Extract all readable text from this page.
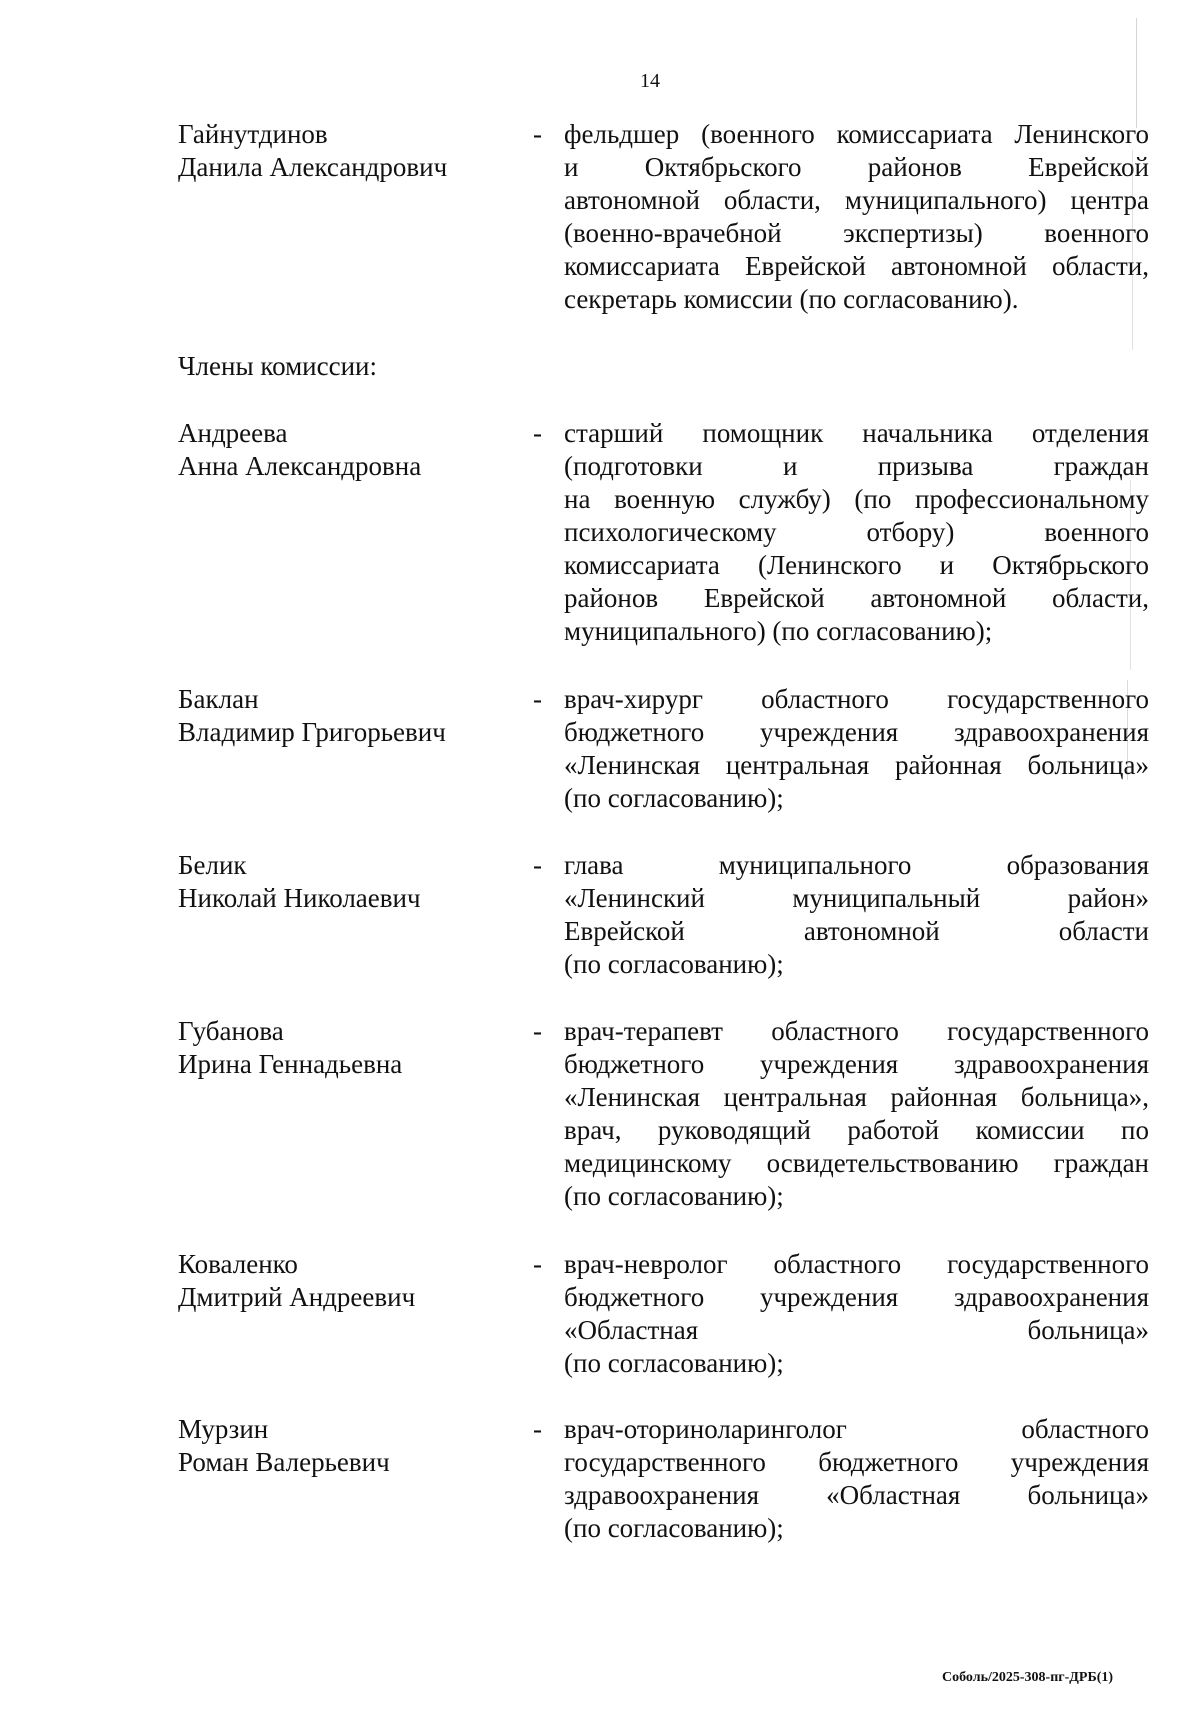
14
Гайнутдинов
Данила Александрович
- фельдшер (военного комиссариата Ленинского
и Октябрьского районов Еврейской
автономной области, муниципального) центра
(военно-врачебной экспертизы) военного
комиссариата Еврейской автономной области,
секретарь комиссии (по согласованию).
Члены комиссии:
Андреева
Анна Александровна
- старший помощник начальника отделения
(подготовки и призыва граждан
на военную службу) (по профессиональному
психологическому отбору) военного
комиссариата (Ленинского и Октябрьского
районов Еврейской автономной области,
муниципального) (по согласованию);
Баклан
Владимир Григорьевич
- врач-хирург областного государственного
бюджетного учреждения здравоохранения
«Ленинская центральная районная больница»
(по согласованию);
Белик
Николай Николаевич
- глава муниципального образования
«Ленинский муниципальный район»
Еврейской автономной области
(по согласованию);
Губанова
Ирина Геннадьевна
- врач-терапевт областного государственного
бюджетного учреждения здравоохранения
«Ленинская центральная районная больница»,
врач, руководящий работой комиссии по
медицинскому освидетельствованию граждан
(по согласованию);
Коваленко
Дмитрий Андреевич
- врач-невролог областного государственного
бюджетного учреждения здравоохранения
«Областная больница»
(по согласованию);
Мурзин
Роман Валерьевич
- врач-оториноларинголог областного
государственного бюджетного учреждения
здравоохранения «Областная больница»
(по согласованию);
Соболь/2025-308-пг-ДРБ(1)
